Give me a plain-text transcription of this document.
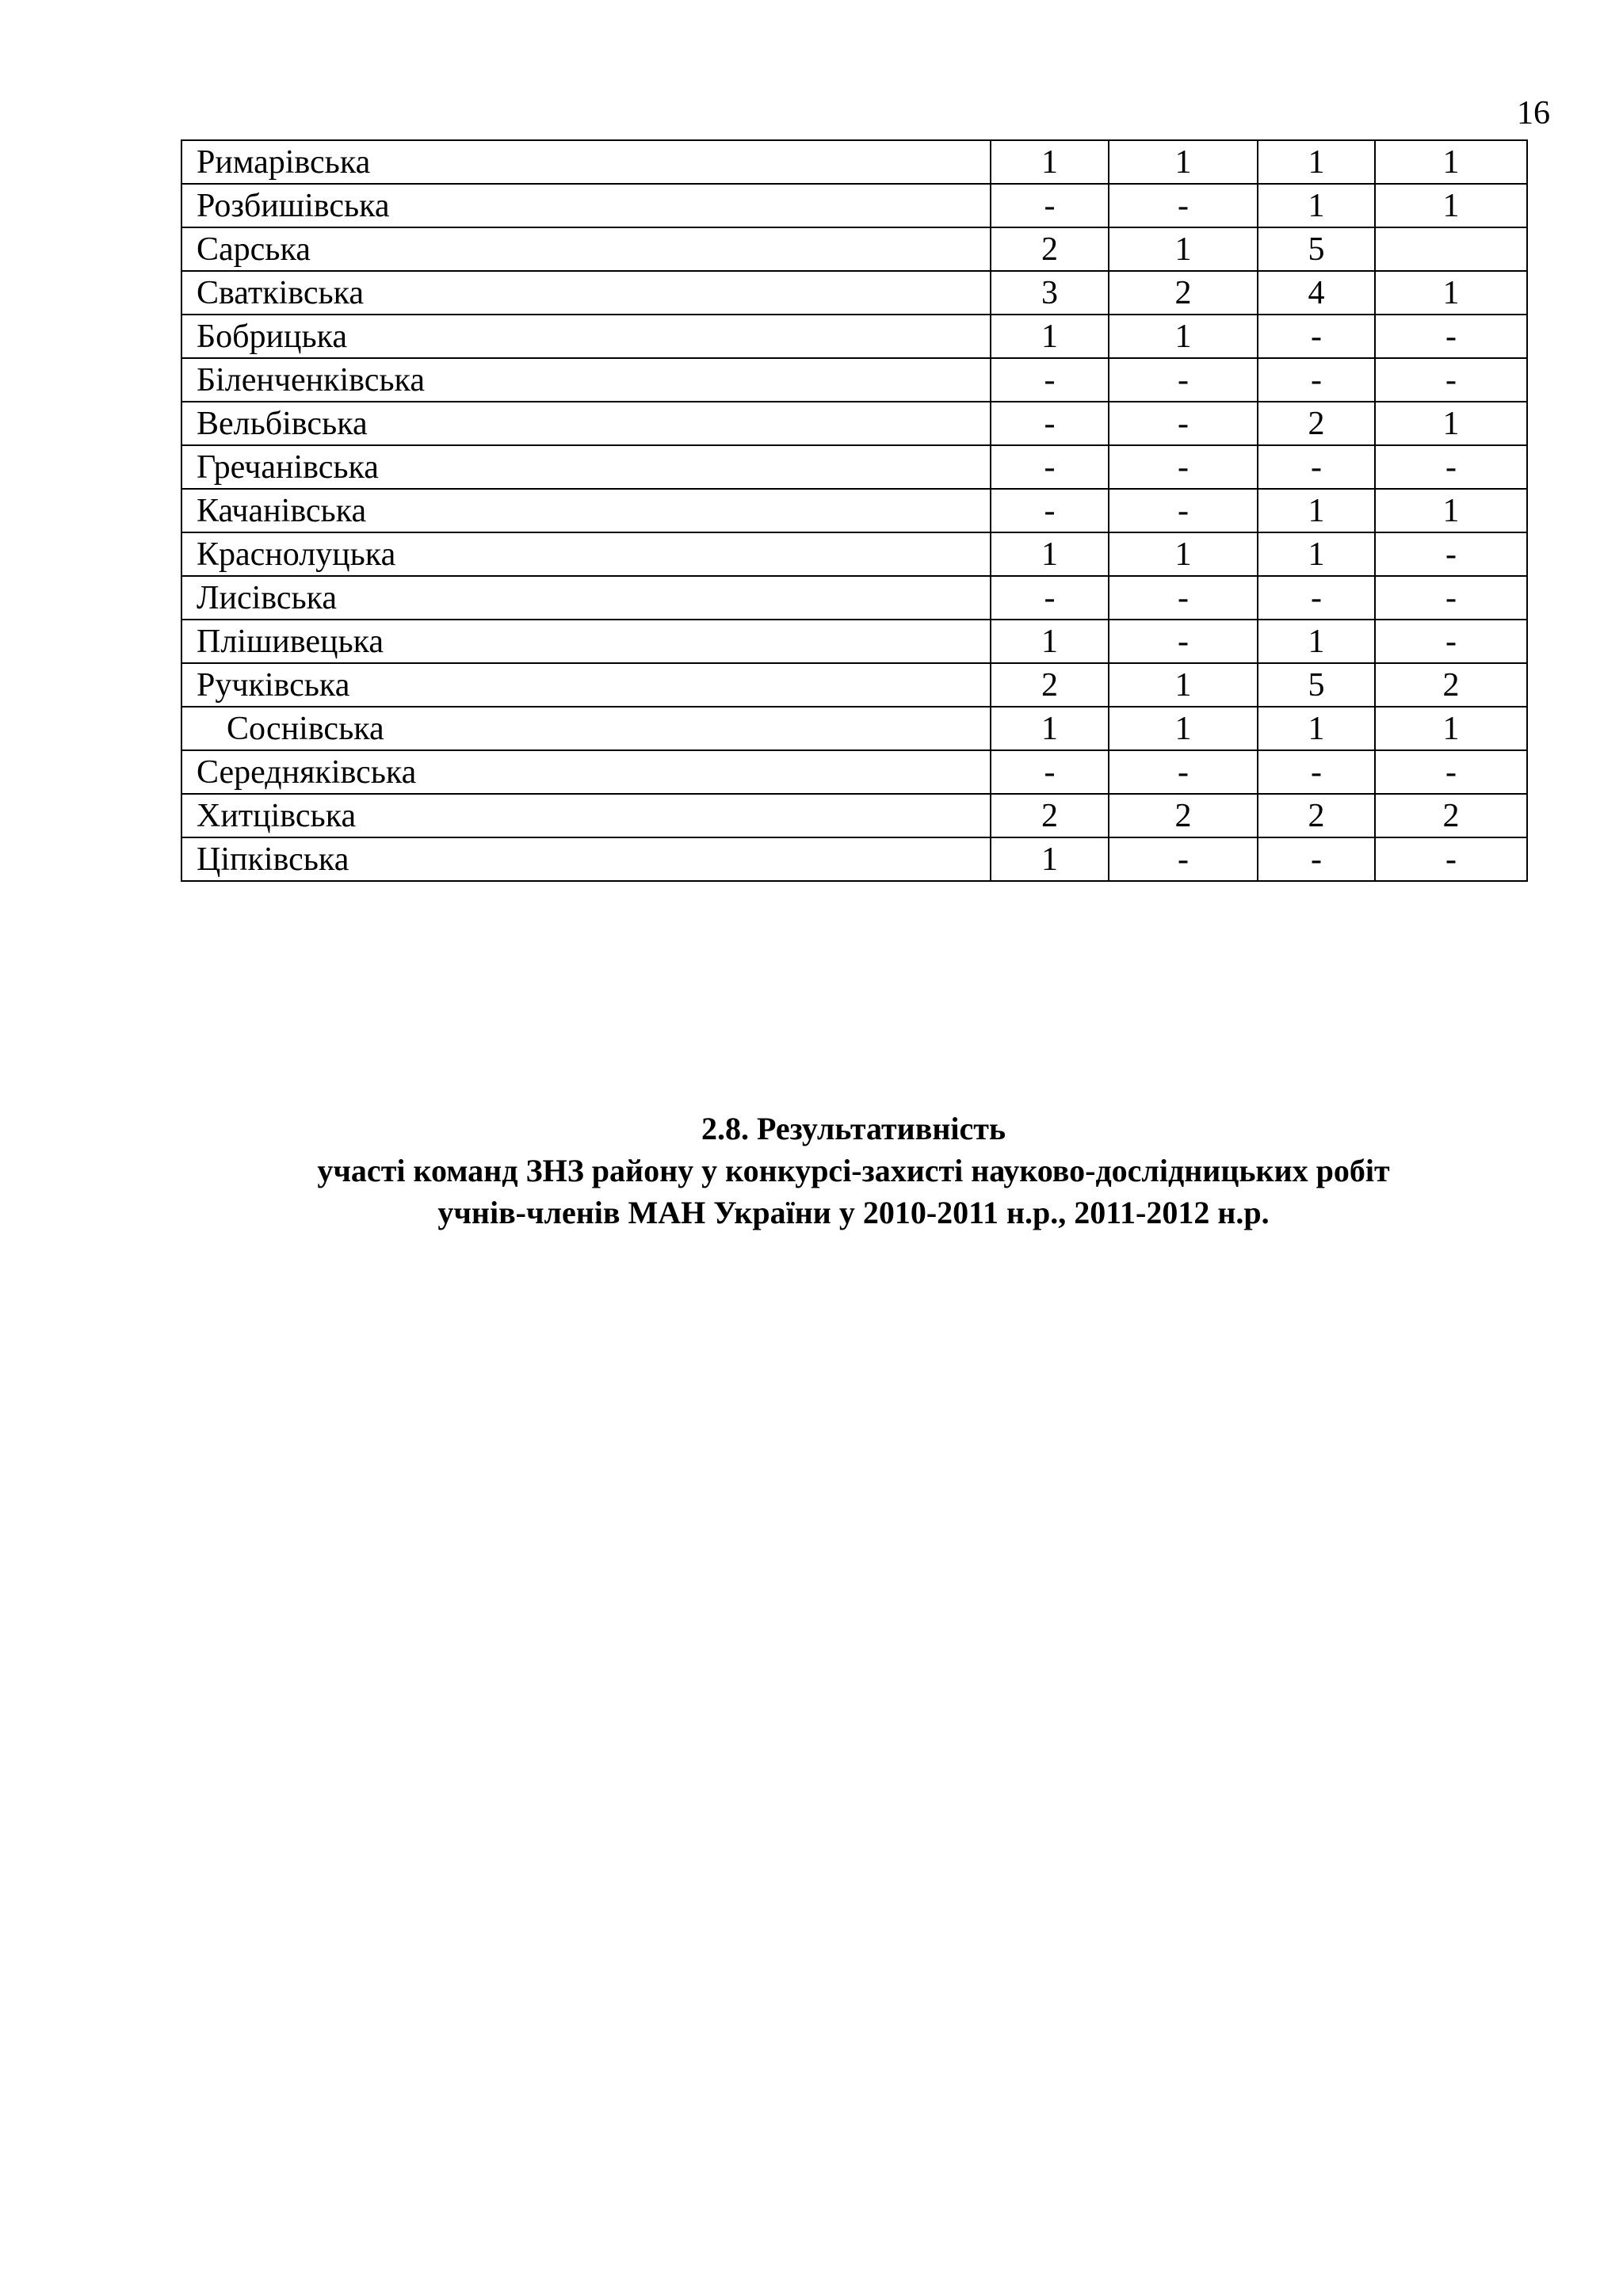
16
Римарівська	1	1	1	1
Розбишівська	-	-	1	1
Сарська	2	1	5	
Сватківська	3	2	4	1
Бобрицька	1	1	-	-
Біленченківська	-	-	-	-
Вельбівська	-	-	2	1
Гречанівська	-	-	-	-
Качанівська	-	-	1	1
Краснолуцька	1	1	1	-
Лисівська	-	-	-	-
Плішивецька	1	-	1	-
Ручківська	2	1	5	2
Соснівська	1	1	1	1
Середняківська	-	-	-	-
Хитцівська	2	2	2	2
Ціпківська	1	-	-	-
2.8. Результативність
участі команд ЗНЗ району у конкурсі-захисті науково-дослідницьких робіт
учнів-членів МАН України у 2010-2011 н.р., 2011-2012 н.р.
